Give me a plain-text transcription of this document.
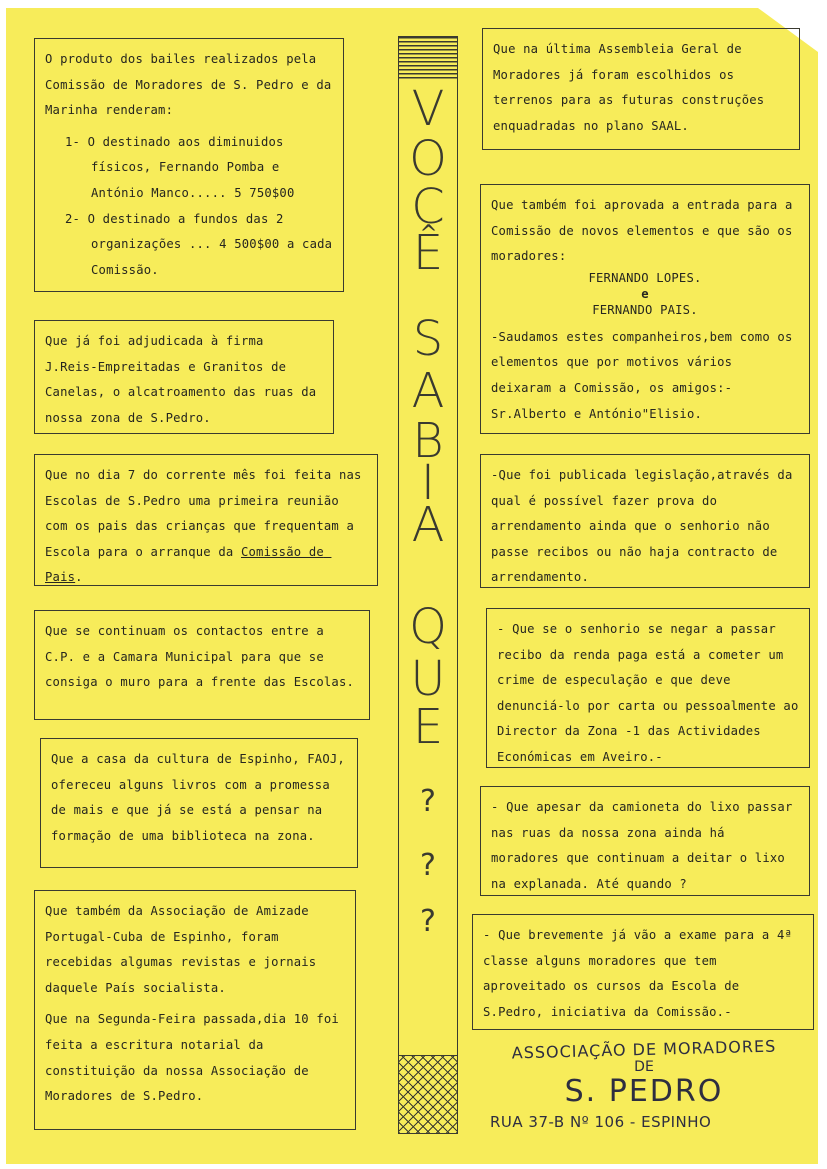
O produto dos bailes realizados pela Comissão de Moradores de S. Pedro e da Marinha renderam:

1- O destinado aos diminuidos físicos, Fernando Pomba e António Manco..... 5 750$00

2- O destinado a fundos das 2 organizações ... 4 500$00 a cada Comissão.

Que já foi adjudicada à firma J.Reis-Empreitadas e Granitos de Canelas, o alcatroamento das ruas da nossa zona de S.Pedro.

Que no dia 7 do corrente mês foi feita nas Escolas de S.Pedro uma primeira reunião com os pais das crianças que frequentam a Escola para o arranque da Comissão de Pais.

Que se continuam os contactos entre a C.P. e a Camara Municipal para que se consiga o muro para a frente das Escolas.

Que a casa da cultura de Espinho, FAOJ, ofereceu alguns livros com a promessa de mais e que já se está a pensar na formação de uma biblioteca na zona.

Que também da Associação de Amizade Portugal-Cuba de Espinho, foram recebidas algumas revistas e jornais daquele País socialista.

Que na Segunda-Feira passada,dia 10 foi feita a escritura notarial da constituição da nossa Associação de Moradores de S.Pedro.

V
O
C
Ê
S
A
B
I
A
Q
U
E
?
?
?

Que na última Assembleia Geral de Moradores já foram escolhidos os terrenos para as futuras construções enquadradas no plano SAAL.

Que também foi aprovada a entrada para a Comissão de novos elementos e que são os moradores:

FERNANDO LOPES.

e

FERNANDO PAIS.

-Saudamos estes companheiros,bem como os elementos que por motivos vários deixaram a Comissão, os amigos:- Sr.Alberto e António"Elisio.

-Que foi publicada legislação,através da qual é possível fazer prova do arrendamento ainda que o senhorio não passe recibos ou não haja contracto de arrendamento.

- Que se o senhorio se negar a passar recibo da renda paga está a cometer um crime de especulação e que deve denunciá-lo por carta ou pessoalmente ao Director da Zona -1 das Actividades Económicas em Aveiro.-

- Que apesar da camioneta do lixo passar nas ruas da nossa zona ainda há moradores que continuam a deitar o lixo na explanada. Até quando ?

- Que brevemente já vão a exame para a 4ª classe alguns moradores que tem aproveitado os cursos da Escola de S.Pedro, iniciativa da Comissão.-

ASSOCIAÇÃO DE MORADORES
DE
S. PEDRO
RUA 37-B Nº 106 - ESPINHO
